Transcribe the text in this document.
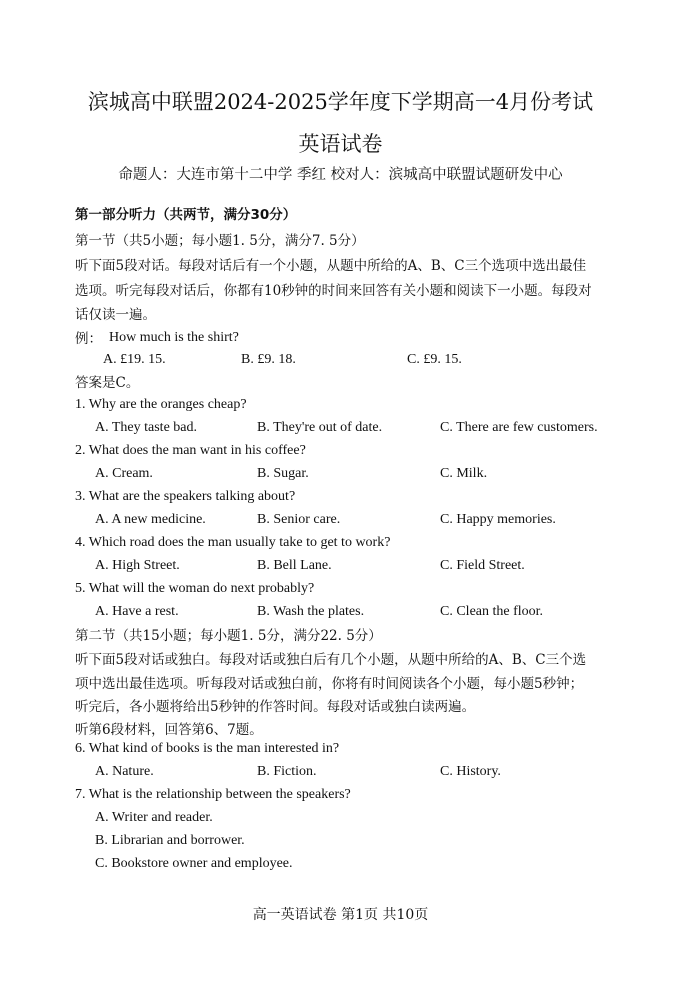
滨城高中联盟2024-2025学年度下学期高一4月份考试
英语试卷
命题人：大连市第十二中学 季红 校对人：滨城高中联盟试题研发中心
第一部分听力（共两节，满分30分）
第一节（共5小题；每小题1. 5分，满分7. 5分）
听下面5段对话。每段对话后有一个小题，从题中所给的A、B、C三个选项中选出最佳
选项。听完每段对话后，你都有10秒钟的时间来回答有关小题和阅读下一小题。每段对
话仅读一遍。
例： How much is the shirt?
A. £19. 15.	B. £9. 18.	C. £9. 15.
答案是C。
1. Why are the oranges cheap?
A. They taste bad.	B. They're out of date.	C. There are few customers.
2. What does the man want in his coffee?
A. Cream.	B. Sugar.	C. Milk.
3. What are the speakers talking about?
A. A new medicine.	B. Senior care.	C. Happy memories.
4. Which road does the man usually take to get to work?
A. High Street.	B. Bell Lane.	C. Field Street.
5. What will the woman do next probably?
A. Have a rest.	B. Wash the plates.	C. Clean the floor.
第二节（共15小题；每小题1. 5分，满分22. 5分）
听下面5段对话或独白。每段对话或独白后有几个小题，从题中所给的A、B、C三个选
项中选出最佳选项。听每段对话或独白前，你将有时间阅读各个小题，每小题5秒钟；
听完后，各小题将给出5秒钟的作答时间。每段对话或独白读两遍。
听第6段材料，回答第6、7题。
6. What kind of books is the man interested in?
A. Nature.	B. Fiction.	C. History.
7. What is the relationship between the speakers?
A. Writer and reader.
B. Librarian and borrower.
C. Bookstore owner and employee.
高一英语试卷 第1页 共10页
